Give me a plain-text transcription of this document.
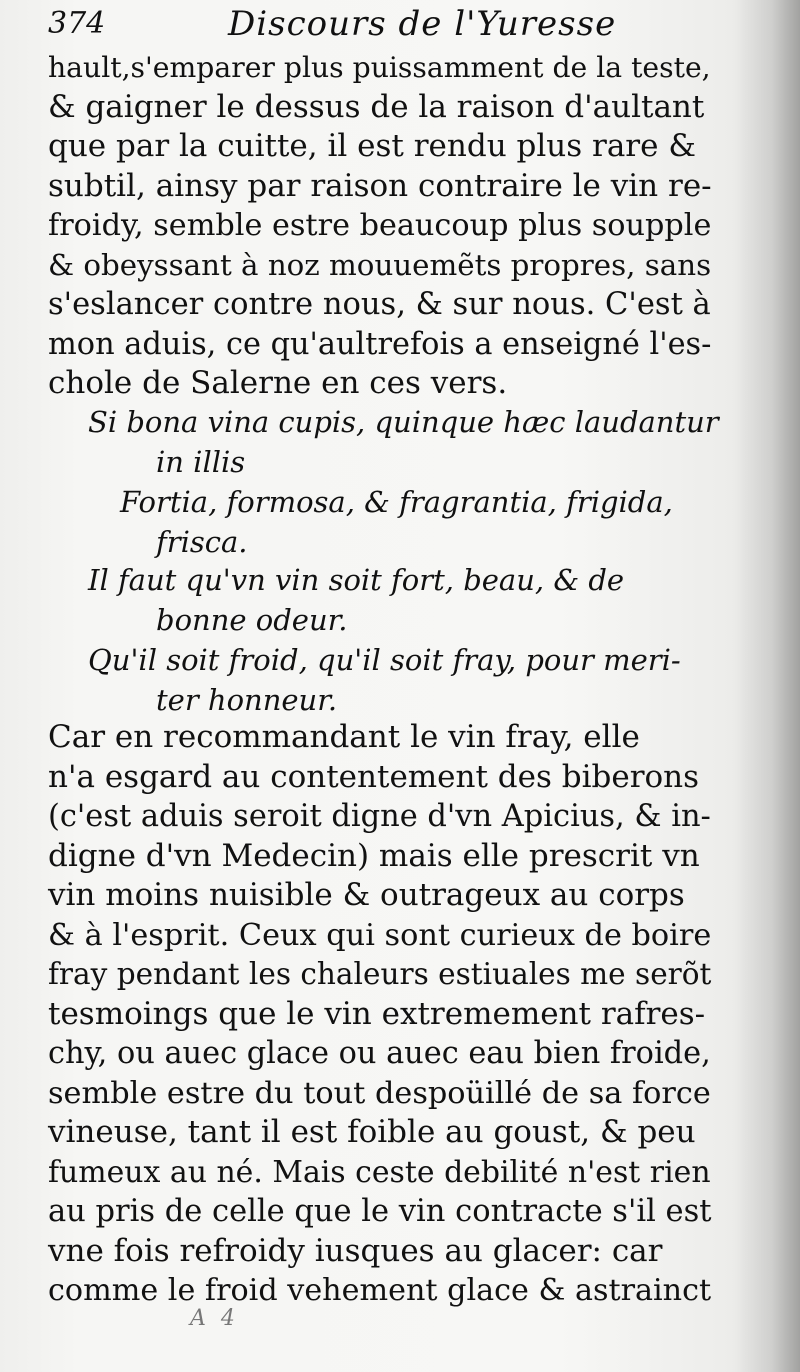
374	Discours de l'Yuresse

hault,s'emparer plus puissamment de la teste,
& gaigner le dessus de la raison d'aultant
que par la cuitte, il est rendu plus rare &
subtil, ainsy par raison contraire le vin re-
froidy, semble estre beaucoup plus soupple
& obeyssant à noz mouuemẽts propres, sans
s'eslancer contre nous, & sur nous. C'est à
mon aduis, ce qu'aultrefois a enseigné l'es-
chole de Salerne en ces vers.

Si bona vina cupis, quinque hæc laudantur
in illis
Fortia, formosa, & fragrantia, frigida,
frisca.
Il faut qu'vn vin soit fort, beau, & de
bonne odeur.
Qu'il soit froid, qu'il soit fray, pour meri-
ter honneur.

Car en recommandant le vin fray, elle
n'a esgard au contentement des biberons
(c'est aduis seroit digne d'vn Apicius, & in-
digne d'vn Medecin) mais elle prescrit vn
vin moins nuisible & outrageux au corps
& à l'esprit. Ceux qui sont curieux de boire
fray pendant les chaleurs estiuales me serõt
tesmoings que le vin extremement rafres-
chy, ou auec glace ou auec eau bien froide,
semble estre du tout despoüillé de sa force
vineuse, tant il est foible au goust, & peu
fumeux au né. Mais ceste debilité n'est rien
au pris de celle que le vin contracte s'il est
vne fois refroidy iusques au glacer: car
comme le froid vehement glace & astrainct

A 4
